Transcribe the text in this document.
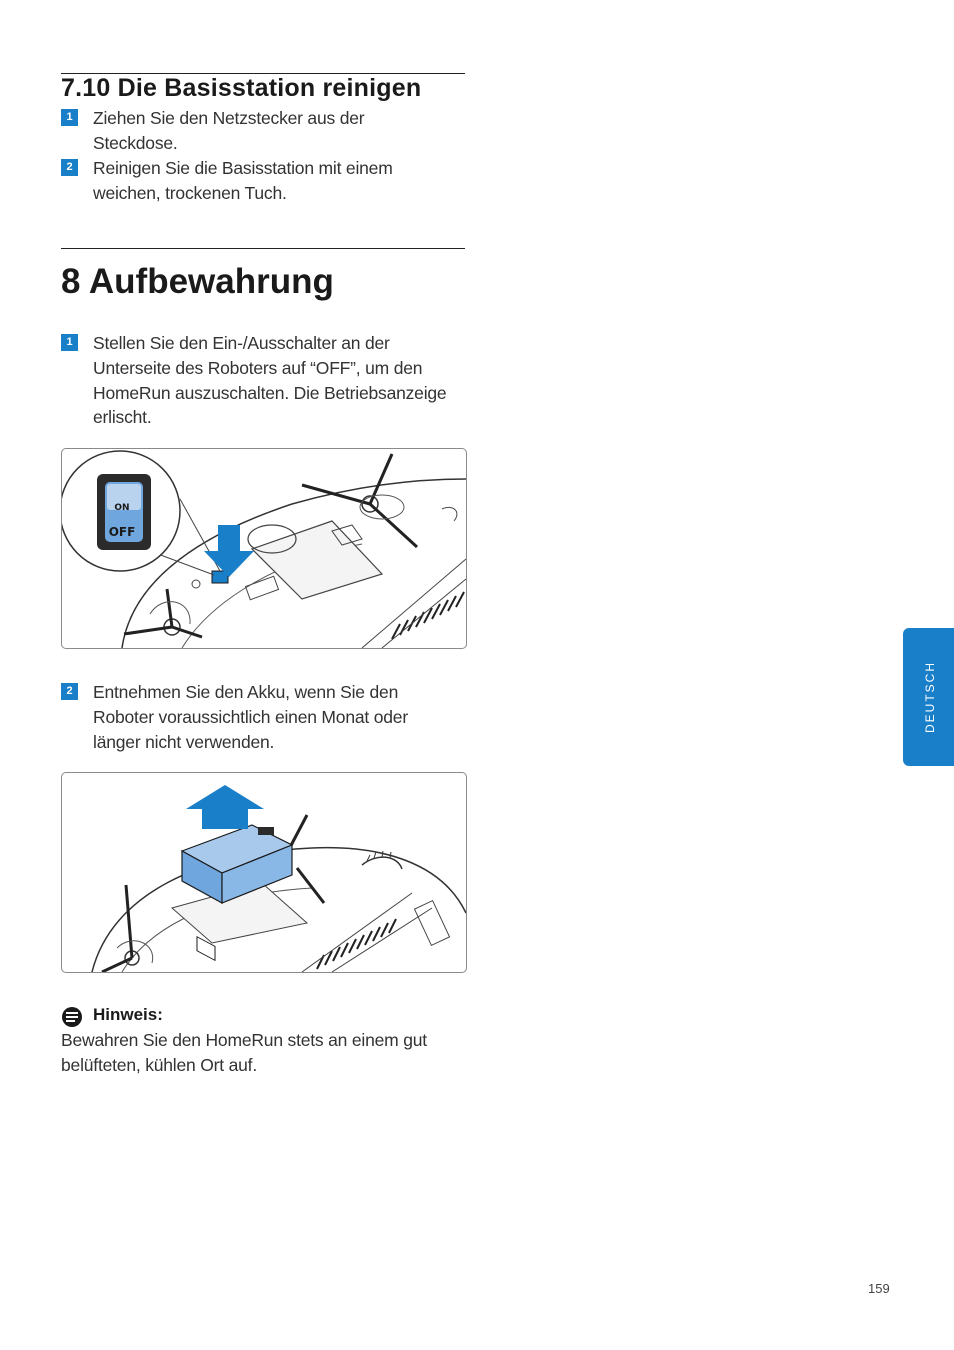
7.10 Die Basisstation reinigen
1	Ziehen Sie den Netzstecker aus der Steckdose.
2	Reinigen Sie die Basisstation mit einem weichen, trockenen Tuch.
8 Aufbewahrung
1	Stellen Sie den Ein-/Ausschalter an der Unterseite des Roboters auf “OFF”, um den HomeRun auszuschalten. Die Betriebsanzeige erlischt.
ON
OFF
2	Entnehmen Sie den Akku, wenn Sie den Roboter voraussichtlich einen Monat oder länger nicht verwenden.
Hinweis:
Bewahren Sie den HomeRun stets an einem gut belüfteten, kühlen Ort auf.
DEUTSCH
159
